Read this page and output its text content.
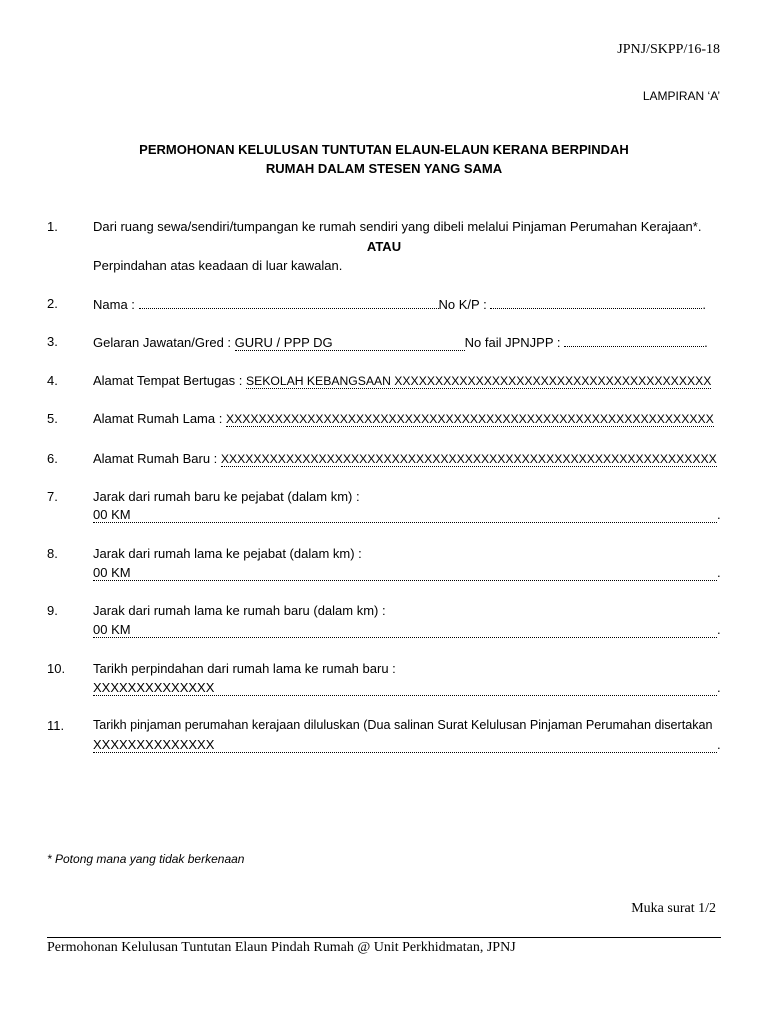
JPNJ/SKPP/16-18
LAMPIRAN ‘A’
PERMOHONAN KELULUSAN TUNTUTAN ELAUN-ELAUN KERANA BERPINDAH
RUMAH DALAM STESEN YANG SAMA
1.	Dari ruang sewa/sendiri/tumpangan ke rumah sendiri yang dibeli melalui Pinjaman Perumahan Kerajaan*.
ATAU
Perpindahan atas keadaan di luar kawalan.
2.	Nama :	No K/P :	.
3.	Gelaran Jawatan/Gred : GURU / PPP DG	No fail JPNJPP :	.
4.	Alamat Tempat Bertugas : SEKOLAH KEBANGSAAN XXXXXXXXXXXXXXXXXXXXXXXXXXXXXXXXXXXXXXX
5.	Alamat Rumah Lama : XXXXXXXXXXXXXXXXXXXXXXXXXXXXXXXXXXXXXXXXXXXXXXXXXXXXXXXXXXXX
6.	Alamat Rumah Baru : XXXXXXXXXXXXXXXXXXXXXXXXXXXXXXXXXXXXXXXXXXXXXXXXXXXXXXXXXXXXX
7.	Jarak dari rumah baru ke pejabat (dalam km) :
00 KM	.
8.	Jarak dari rumah lama ke pejabat (dalam km) :
00 KM	.
9.	Jarak dari rumah lama ke rumah baru (dalam km) :
00 KM	.
10. Tarikh perpindahan dari rumah lama ke rumah baru :
XXXXXXXXXXXXXX	.
11. Tarikh pinjaman perumahan kerajaan diluluskan (Dua salinan Surat Kelulusan Pinjaman Perumahan disertakan
XXXXXXXXXXXXXX	.
* Potong mana yang tidak berkenaan
Muka surat 1/2
Permohonan Kelulusan Tuntutan Elaun Pindah Rumah @ Unit Perkhidmatan, JPNJ
